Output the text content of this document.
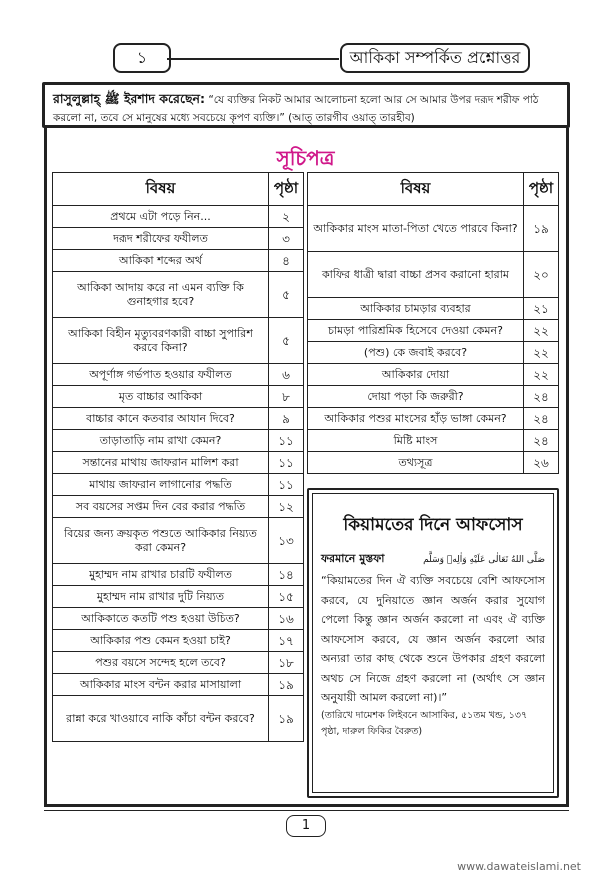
১	আকিকা সম্পর্কিত প্রশ্নোত্তর
রাসুলুল্লাহ্ ﷺ ইরশাদ করেছেন: “যে ব্যক্তির নিকট আমার আলোচনা হলো আর সে আমার উপর দরূদ শরীফ পাঠ করলো না, তবে সে মানুষের মধ্যে সবচেয়ে কৃপণ ব্যক্তি।” (আত্ তারগীব ওয়াত্ তারহীব)
সূচিপত্র
বিষয়	পৃষ্ঠা
প্রথমে এটা পড়ে নিন...	২
দরূদ শরীফের ফযীলত	৩
আকিকা শব্দের অর্থ	৪
আকিকা আদায় করে না এমন ব্যক্তি কি গুনাহগার হবে?	৫
আকিকা বিহীন মৃত্যুবরণকারী বাচ্চা সুপারিশ করবে কিনা?	৫
অপূর্ণাঙ্গ গর্ভপাত হওয়ার ফযীলত	৬
মৃত বাচ্চার আকিকা	৮
বাচ্চার কানে কতবার আযান দিবে?	৯
তাড়াতাড়ি নাম রাখা কেমন?	১১
সন্তানের মাথায় জাফরান মালিশ করা	১১
মাথায় জাফরান লাগানোর পদ্ধতি	১১
সব বয়সের সপ্তম দিন বের করার পদ্ধতি	১২
বিয়ের জন্য ক্রয়কৃত পশুতে আকিকার নিয়্যত করা কেমন?	১৩
মুহাম্মদ নাম রাখার চারটি ফযীলত	১৪
মুহাম্মদ নাম রাখার দুটি নিয়্যত	১৫
আকিকাতে কতটি পশু হওয়া উচিত?	১৬
আকিকার পশু কেমন হওয়া চাই?	১৭
পশুর বয়সে সন্দেহ হলে তবে?	১৮
আকিকার মাংস বন্টন করার মাসায়ালা	১৯
রান্না করে খাওয়াবে নাকি কাঁচা বন্টন করবে?	১৯
বিষয়	পৃষ্ঠা
আকিকার মাংস মাতা-পিতা খেতে পারবে কিনা?	১৯
কাফির ধাত্রী দ্বারা বাচ্চা প্রসব করানো হারাম	২০
আকিকার চামড়ার ব্যবহার	২১
চামড়া পারিশ্রমিক হিসেবে দেওয়া কেমন?	২২
(পশু) কে জবাই করবে?	২২
আকিকার দোয়া	২২
দোয়া পড়া কি জরুরী?	২৪
আকিকার পশুর মাংসের হাঁড় ভাঙ্গা কেমন?	২৪
মিষ্টি মাংস	২৪
তথ্যসূত্র	২৬
কিয়ামতের দিনে আফসোস
ফরমানে মুস্তফা	صَلَّى اللهُ تَعَالٰى عَلَيْهِ وَاٰلِهٖ وَسَلَّم
“কিয়ামতের দিন ঐ ব্যক্তি সবচেয়ে বেশি আফসোস করবে, যে দুনিয়াতে জ্ঞান অর্জন করার সুযোগ পেলো কিন্তু জ্ঞান অর্জন করলো না এবং ঐ ব্যক্তি আফসোস করবে, যে জ্ঞান অর্জন করলো আর অন্যরা তার কাছ থেকে শুনে উপকার গ্রহণ করলো অথচ সে নিজে গ্রহণ করলো না (অর্থাৎ সে জ্ঞান অনুযায়ী আমল করলো না)।”
(তারিখে দামেশক লিইবনে আসাকির, ৫১তম খন্ড, ১৩৭ পৃষ্ঠা, দারুল ফিকির বৈরুত)
1
www.dawateislami.net
